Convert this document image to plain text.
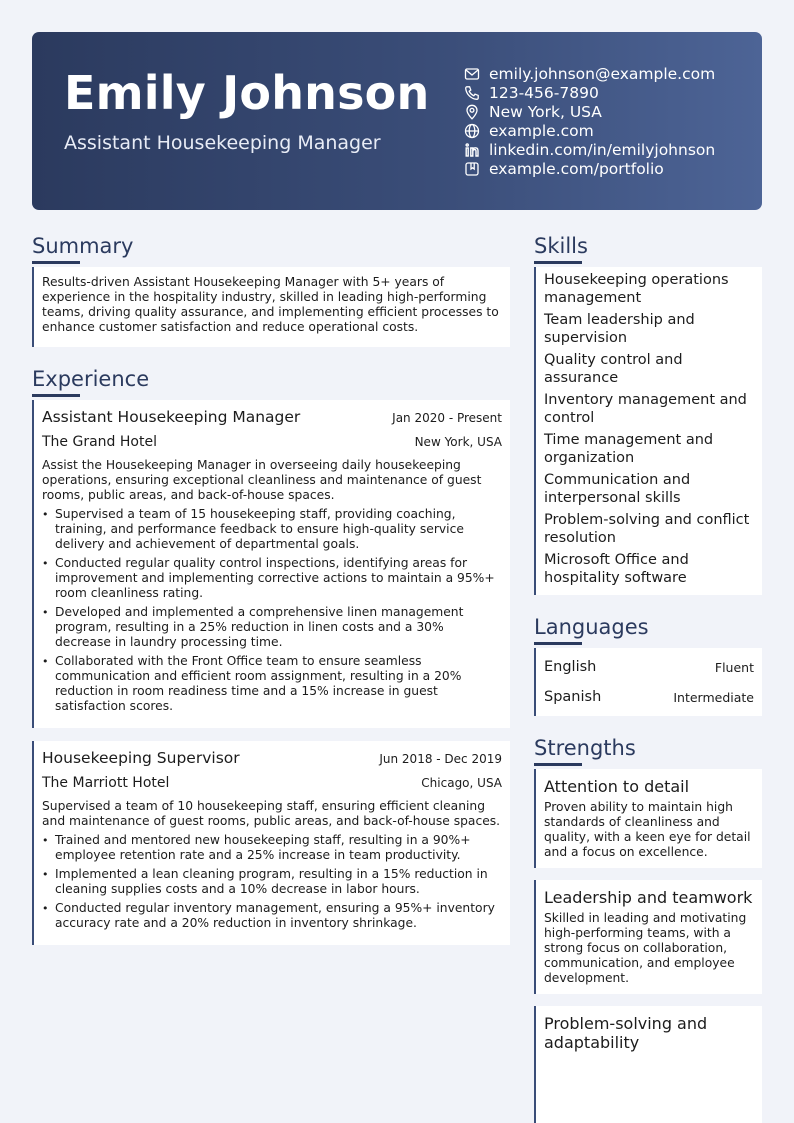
Emily Johnson
Assistant Housekeeping Manager
emily.johnson@example.com
123-456-7890
New York, USA
example.com
linkedin.com/in/emilyjohnson
example.com/portfolio
Summary
Results-driven Assistant Housekeeping Manager with 5+ years of experience in the hospitality industry, skilled in leading high-performing teams, driving quality assurance, and implementing efficient processes to enhance customer satisfaction and reduce operational costs.
Experience
Assistant Housekeeping Manager	Jan 2020 - Present
The Grand Hotel	New York, USA
Assist the Housekeeping Manager in overseeing daily housekeeping operations, ensuring exceptional cleanliness and maintenance of guest rooms, public areas, and back-of-house spaces.
• Supervised a team of 15 housekeeping staff, providing coaching, training, and performance feedback to ensure high-quality service delivery and achievement of departmental goals.
• Conducted regular quality control inspections, identifying areas for improvement and implementing corrective actions to maintain a 95%+ room cleanliness rating.
• Developed and implemented a comprehensive linen management program, resulting in a 25% reduction in linen costs and a 30% decrease in laundry processing time.
• Collaborated with the Front Office team to ensure seamless communication and efficient room assignment, resulting in a 20% reduction in room readiness time and a 15% increase in guest satisfaction scores.
Housekeeping Supervisor	Jun 2018 - Dec 2019
The Marriott Hotel	Chicago, USA
Supervised a team of 10 housekeeping staff, ensuring efficient cleaning and maintenance of guest rooms, public areas, and back-of-house spaces.
• Trained and mentored new housekeeping staff, resulting in a 90%+ employee retention rate and a 25% increase in team productivity.
• Implemented a lean cleaning program, resulting in a 15% reduction in cleaning supplies costs and a 10% decrease in labor hours.
• Conducted regular inventory management, ensuring a 95%+ inventory accuracy rate and a 20% reduction in inventory shrinkage.
Skills
Housekeeping operations management
Team leadership and supervision
Quality control and assurance
Inventory management and control
Time management and organization
Communication and interpersonal skills
Problem-solving and conflict resolution
Microsoft Office and hospitality software
Languages
English	Fluent
Spanish	Intermediate
Strengths
Attention to detail
Proven ability to maintain high standards of cleanliness and quality, with a keen eye for detail and a focus on excellence.
Leadership and teamwork
Skilled in leading and motivating high-performing teams, with a strong focus on collaboration, communication, and employee development.
Problem-solving and adaptability
